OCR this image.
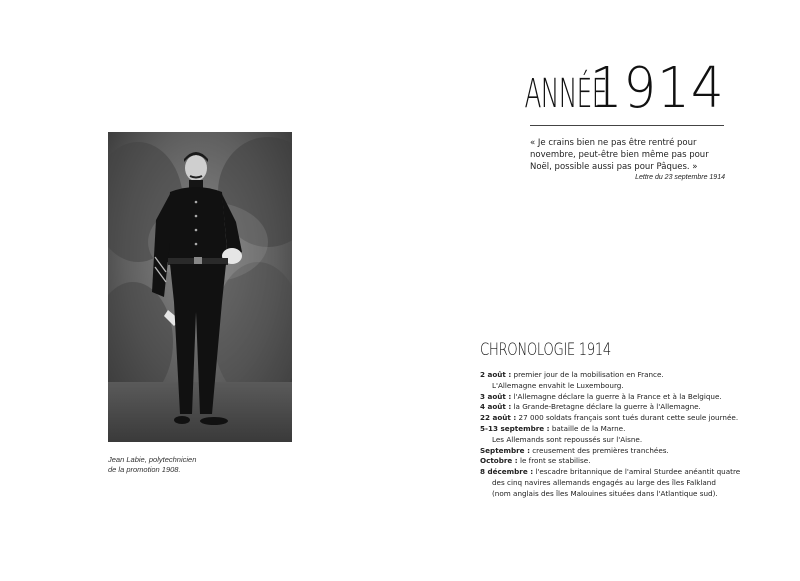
Jean Labie, polytechnicien
de la promotion 1908.
ANNÉE
1914
« Je crains bien ne pas être rentré pour novembre, peut-être bien même pas pour Noël, possible aussi pas pour Pâques. »
Lettre du 23 septembre 1914
CHRONOLOGIE 1914
2 août : premier jour de la mobilisation en France.
L'Allemagne envahit le Luxembourg.
3 août : l'Allemagne déclare la guerre à la France et à la Belgique.
4 août : la Grande-Bretagne déclare la guerre à l'Allemagne.
22 août : 27 000 soldats français sont tués durant cette seule journée.
5-13 septembre : bataille de la Marne.
Les Allemands sont repoussés sur l'Aisne.
Septembre : creusement des premières tranchées.
Octobre : le front se stabilise.
8 décembre : l'escadre britannique de l'amiral Sturdee anéantit quatre
des cinq navires allemands engagés au large des îles Falkland
(nom anglais des îles Malouines situées dans l'Atlantique sud).
